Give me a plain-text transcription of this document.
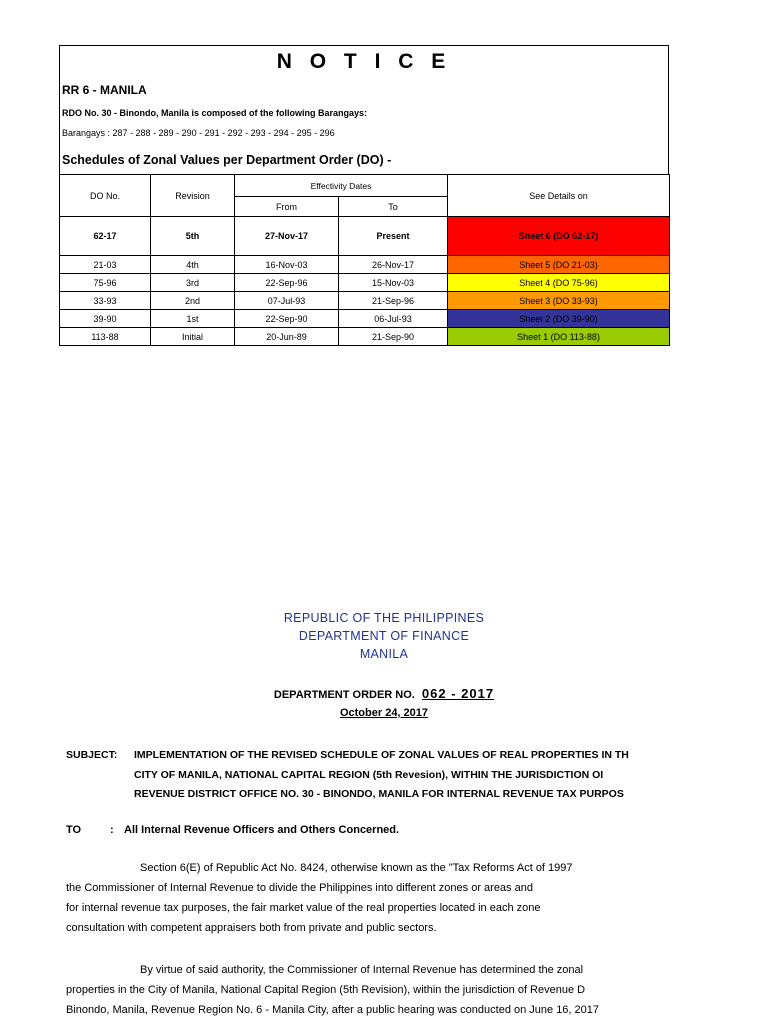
N O T I C E
RR 6 - MANILA
RDO No. 30 - Binondo, Manila is composed of the following Barangays:
Barangays : 287 - 288 - 289 - 290 - 291 - 292 - 293 - 294 - 295 - 296
Schedules of Zonal Values per Department Order (DO) -
DO No.	Revision	Effectivity Dates		See Details on
		From	To	
62-17	5th	27-Nov-17	Present	Sheet 6 (DO 62-17)
21-03	4th	16-Nov-03	26-Nov-17	Sheet 5 (DO 21-03)
75-96	3rd	22-Sep-96	15-Nov-03	Sheet 4 (DO 75-96)
33-93	2nd	07-Jul-93	21-Sep-96	Sheet 3 (DO 33-93)
39-90	1st	22-Sep-90	06-Jul-93	Sheet 2 (DO 39-90)
113-88	Initial	20-Jun-89	21-Sep-90	Sheet 1 (DO 113-88)
REPUBLIC OF THE PHILIPPINES
DEPARTMENT OF FINANCE
MANILA
DEPARTMENT ORDER NO. 062 - 2017
October 24, 2017
SUBJECT: IMPLEMENTATION OF THE REVISED SCHEDULE OF ZONAL VALUES OF REAL PROPERTIES IN TH
CITY OF MANILA, NATIONAL CAPITAL REGION (5th Revesion), WITHIN THE JURISDICTION OI
REVENUE DISTRICT OFFICE NO. 30 - BINONDO, MANILA FOR INTERNAL REVENUE TAX PURPOS
TO	: All Internal Revenue Officers and Others Concerned.
Section 6(E) of Republic Act No. 8424, otherwise known as the "Tax Reforms Act of 1997
the Commissioner of Internal Revenue to divide the Philippines into different zones or areas and
for internal revenue tax purposes, the fair market value of the real properties located in each zone
consultation with competent appraisers both from private and public sectors.
By virtue of said authority, the Commissioner of Internal Revenue has determined the zonal
properties in the City of Manila, National Capital Region (5th Revision), within the jurisdiction of Revenue D
Binondo, Manila, Revenue Region No. 6 - Manila City, after a public hearing was conducted on June 16, 2017
